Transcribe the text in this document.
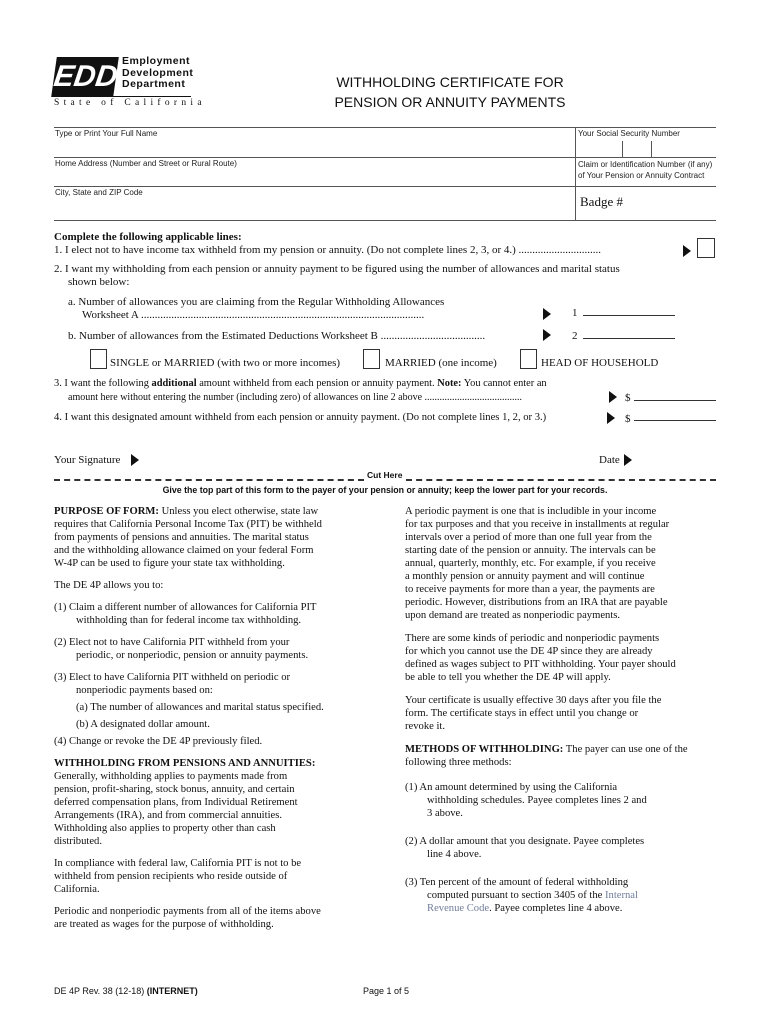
EDD Employment
Development
Department
State of California
WITHHOLDING CERTIFICATE FOR
PENSION OR ANNUITY PAYMENTS
Type or Print Your Full Name	Your Social Security Number
Home Address (Number and Street or Rural Route)	Claim or Identification Number (if any)
of Your Pension or Annuity Contract
City, State and ZIP Code
Badge #
Complete the following applicable lines:
1. I elect not to have income tax withheld from my pension or annuity. (Do not complete lines 2, 3, or 4.) ..............................
2. I want my withholding from each pension or annuity payment to be figured using the number of allowances and marital status
shown below:
a. Number of allowances you are claiming from the Regular Withholding Allowances
Worksheet A .......................................................................................................	1
b. Number of allowances from the Estimated Deductions Worksheet B ......................................	2
SINGLE or MARRIED (with two or more incomes)	MARRIED (one income)	HEAD OF HOUSEHOLD
3. I want the following additional amount withheld from each pension or annuity payment. Note: You cannot enter an
amount here without entering the number (including zero) of allowances on line 2 above .......................................	$
4. I want this designated amount withheld from each pension or annuity payment. (Do not complete lines 1, 2, or 3.)	$
Your Signature	Date
Cut Here
Give the top part of this form to the payer of your pension or annuity; keep the lower part for your records.
PURPOSE OF FORM: Unless you elect otherwise, state law
requires that California Personal Income Tax (PIT) be withheld
from payments of pensions and annuities. The marital status
and the withholding allowance claimed on your federal Form
W-4P can be used to figure your state tax withholding.
The DE 4P allows you to:
(1) Claim a different number of allowances for California PIT
withholding than for federal income tax withholding.
(2) Elect not to have California PIT withheld from your
periodic, or nonperiodic, pension or annuity payments.
(3) Elect to have California PIT withheld on periodic or
nonperiodic payments based on:
(a) The number of allowances and marital status specified.
(b) A designated dollar amount.
(4) Change or revoke the DE 4P previously filed.
WITHHOLDING FROM PENSIONS AND ANNUITIES:
Generally, withholding applies to payments made from
pension, profit-sharing, stock bonus, annuity, and certain
deferred compensation plans, from Individual Retirement
Arrangements (IRA), and from commercial annuities.
Withholding also applies to property other than cash
distributed.
In compliance with federal law, California PIT is not to be
withheld from pension recipients who reside outside of
California.
Periodic and nonperiodic payments from all of the items above
are treated as wages for the purpose of withholding.
A periodic payment is one that is includible in your income
for tax purposes and that you receive in installments at regular
intervals over a period of more than one full year from the
starting date of the pension or annuity. The intervals can be
annual, quarterly, monthly, etc. For example, if you receive
a monthly pension or annuity payment and will continue
to receive payments for more than a year, the payments are
periodic. However, distributions from an IRA that are payable
upon demand are treated as nonperiodic payments.
There are some kinds of periodic and nonperiodic payments
for which you cannot use the DE 4P since they are already
defined as wages subject to PIT withholding. Your payer should
be able to tell you whether the DE 4P will apply.
Your certificate is usually effective 30 days after you file the
form. The certificate stays in effect until you change or
revoke it.
METHODS OF WITHHOLDING: The payer can use one of the
following three methods:
(1) An amount determined by using the California
withholding schedules. Payee completes lines 2 and
3 above.
(2) A dollar amount that you designate. Payee completes
line 4 above.
(3) Ten percent of the amount of federal withholding
computed pursuant to section 3405 of the Internal
Revenue Code. Payee completes line 4 above.
DE 4P Rev. 38 (12-18) (INTERNET)	Page 1 of 5
